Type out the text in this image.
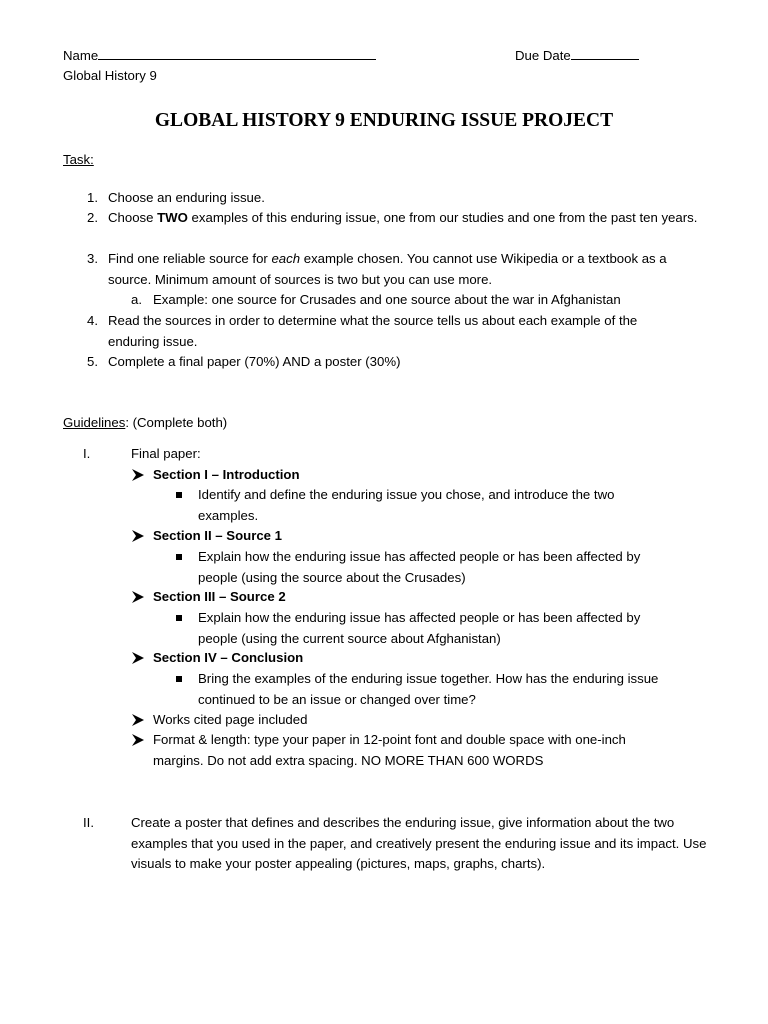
Name	Due Date
Global History 9
GLOBAL HISTORY 9 ENDURING ISSUE PROJECT
Task:
1. Choose an enduring issue.
2. Choose TWO examples of this enduring issue, one from our studies and one from the past ten years.
3. Find one reliable source for each example chosen. You cannot use Wikipedia or a textbook as a source. Minimum amount of sources is two but you can use more.
a. Example: one source for Crusades and one source about the war in Afghanistan
4. Read the sources in order to determine what the source tells us about each example of the enduring issue.
5. Complete a final paper (70%) AND a poster (30%)
Guidelines: (Complete both)
I.	Final paper:
Section I – Introduction
Identify and define the enduring issue you chose, and introduce the two examples.
Section II – Source 1
Explain how the enduring issue has affected people or has been affected by people (using the source about the Crusades)
Section III – Source 2
Explain how the enduring issue has affected people or has been affected by people (using the current source about Afghanistan)
Section IV – Conclusion
Bring the examples of the enduring issue together. How has the enduring issue continued to be an issue or changed over time?
Works cited page included
Format & length: type your paper in 12-point font and double space with one-inch margins. Do not add extra spacing. NO MORE THAN 600 WORDS
II.	Create a poster that defines and describes the enduring issue, give information about the two examples that you used in the paper, and creatively present the enduring issue and its impact. Use visuals to make your poster appealing (pictures, maps, graphs, charts).
